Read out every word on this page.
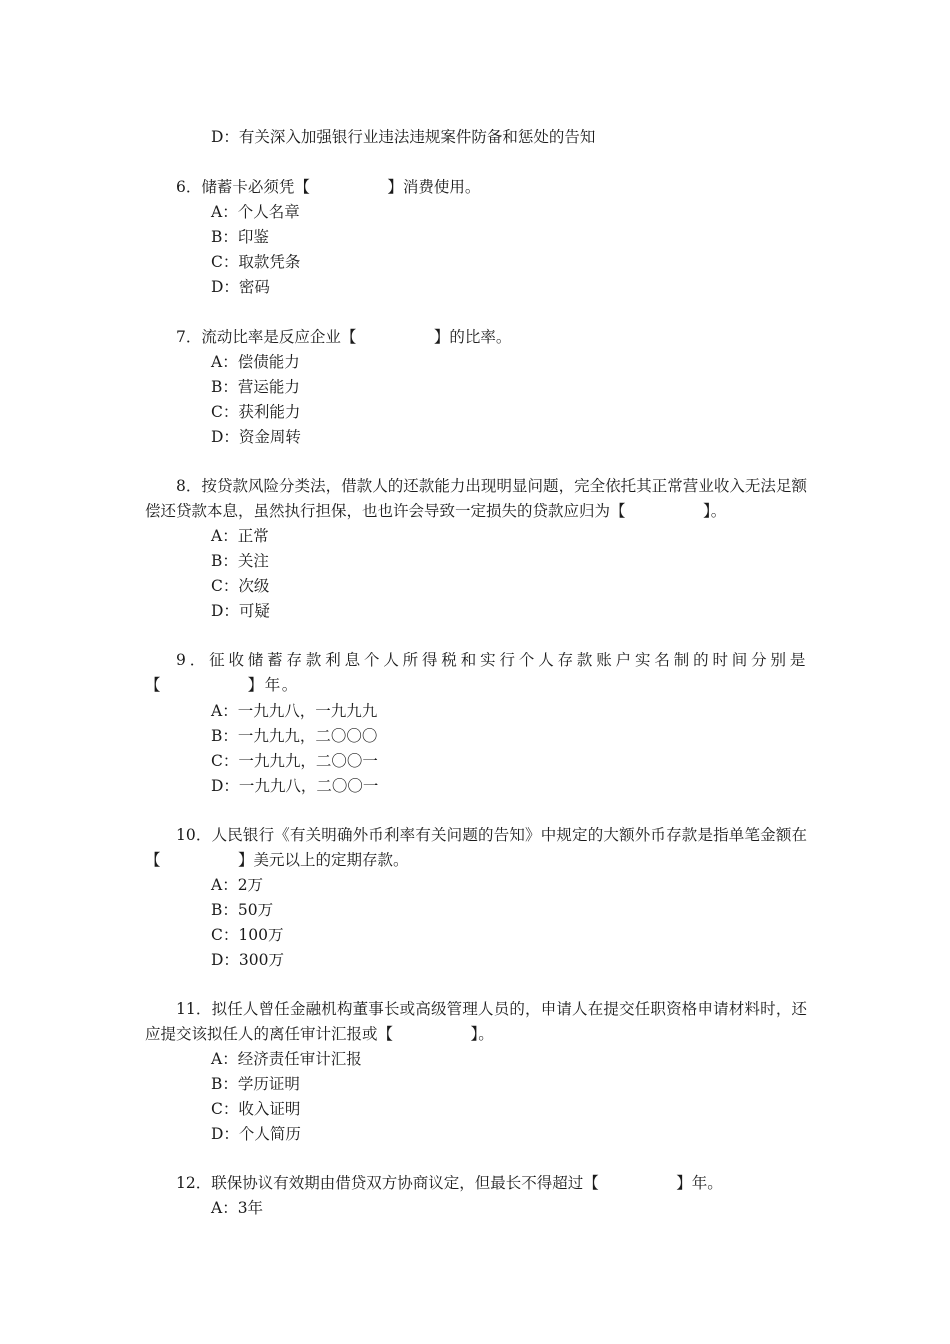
D：有关深入加强银行业违法违规案件防备和惩处的告知
6．储蓄卡必须凭【　　　　　】消费使用。
A：个人名章
B：印鉴
C：取款凭条
D：密码
7．流动比率是反应企业【　　　　　】的比率。
A：偿债能力
B：营运能力
C：获利能力
D：资金周转
8．按贷款风险分类法，借款人的还款能力出现明显问题，完全依托其正常营业收入无法足额偿还贷款本息，虽然执行担保，也也许会导致一定损失的贷款应归为【　　　　　】。
A：正常
B：关注
C：次级
D：可疑
9．征收储蓄存款利息个人所得税和实行个人存款账户实名制的时间分别是【　　　　　】年。
A：一九九八，一九九九
B：一九九九，二〇〇〇
C：一九九九，二〇〇一
D：一九九八，二〇〇一
10．人民银行《有关明确外币利率有关问题的告知》中规定的大额外币存款是指单笔金额在【　　　　　】美元以上的定期存款。
A：2万
B：50万
C：100万
D：300万
11．拟任人曾任金融机构董事长或高级管理人员的，申请人在提交任职资格申请材料时，还应提交该拟任人的离任审计汇报或【　　　　　】。
A：经济责任审计汇报
B：学历证明
C：收入证明
D：个人简历
12．联保协议有效期由借贷双方协商议定，但最长不得超过【　　　　　】年。
A：3年
